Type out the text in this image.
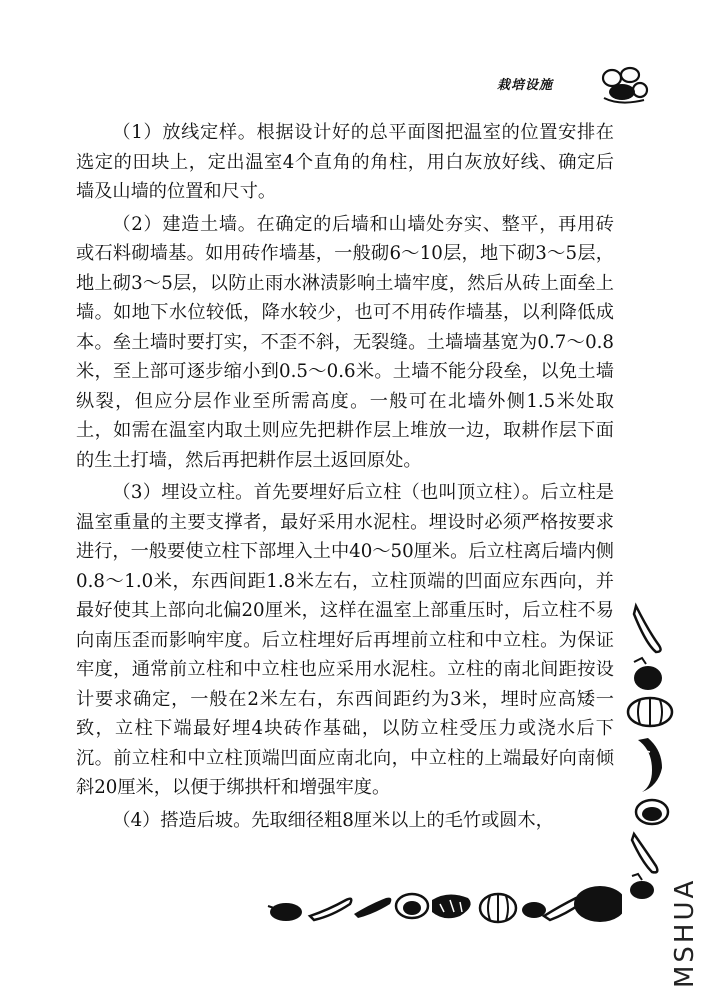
栽培设施

（1）放线定样。根据设计好的总平面图把温室的位置安排在选定的田块上，定出温室4个直角的角柱，用白灰放好线、确定后墙及山墙的位置和尺寸。

（2）建造土墙。在确定的后墙和山墙处夯实、整平，再用砖或石料砌墙基。如用砖作墙基，一般砌6～10层，地下砌3～5层，地上砌3～5层，以防止雨水淋渍影响土墙牢度，然后从砖上面垒上墙。如地下水位较低，降水较少，也可不用砖作墙基，以利降低成本。垒土墙时要打实，不歪不斜，无裂缝。土墙墙基宽为0.7～0.8米，至上部可逐步缩小到0.5～0.6米。土墙不能分段垒，以免土墙纵裂，但应分层作业至所需高度。一般可在北墙外侧1.5米处取土，如需在温室内取土则应先把耕作层上堆放一边，取耕作层下面的生土打墙，然后再把耕作层土返回原处。

（3）埋设立柱。首先要埋好后立柱（也叫顶立柱）。后立柱是温室重量的主要支撑者，最好采用水泥柱。埋设时必须严格按要求进行，一般要使立柱下部埋入土中40～50厘米。后立柱离后墙内侧0.8～1.0米，东西间距1.8米左右，立柱顶端的凹面应东西向，并最好使其上部向北偏20厘米，这样在温室上部重压时，后立柱不易向南压歪而影响牢度。后立柱埋好后再埋前立柱和中立柱。为保证牢度，通常前立柱和中立柱也应采用水泥柱。立柱的南北间距按设计要求确定，一般在2米左右，东西间距约为3米，埋时应高矮一致，立柱下端最好埋4块砖作基础，以防立柱受压力或浇水后下沉。前立柱和中立柱顶端凹面应南北向，中立柱的上端最好向南倾斜20厘米，以便于绑拱杆和增强牢度。

（4）搭造后坡。先取细径粗8厘米以上的毛竹或圆木，

MSHUA
